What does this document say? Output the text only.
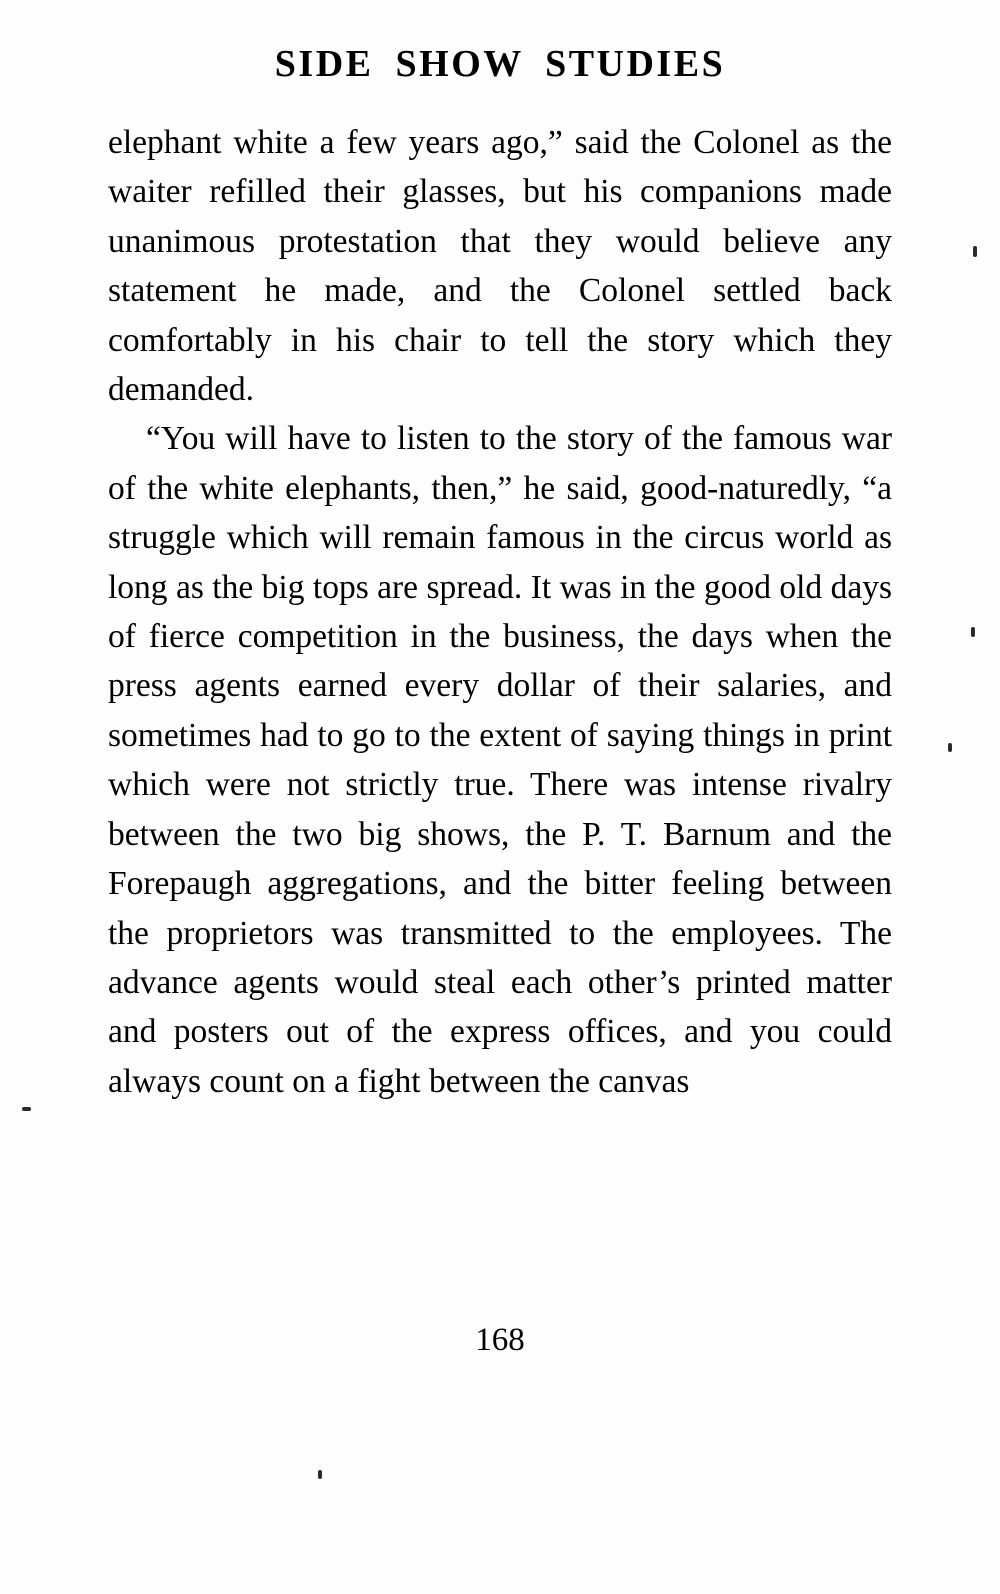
SIDE SHOW STUDIES

elephant white a few years ago,” said the Colonel as the waiter refilled their glasses, but his companions made unanimous protestation that they would believe any statement he made, and the Colonel settled back comfortably in his chair to tell the story which they demanded.

“You will have to listen to the story of the famous war of the white elephants, then,” he said, good-naturedly, “a struggle which will remain famous in the circus world as long as the big tops are spread. It was in the good old days of fierce competition in the business, the days when the press agents earned every dollar of their salaries, and sometimes had to go to the extent of saying things in print which were not strictly true. There was intense rivalry between the two big shows, the P. T. Barnum and the Forepaugh aggregations, and the bitter feeling between the proprietors was transmitted to the employees. The advance agents would steal each other’s printed matter and posters out of the express offices, and you could always count on a fight between the canvas

168
